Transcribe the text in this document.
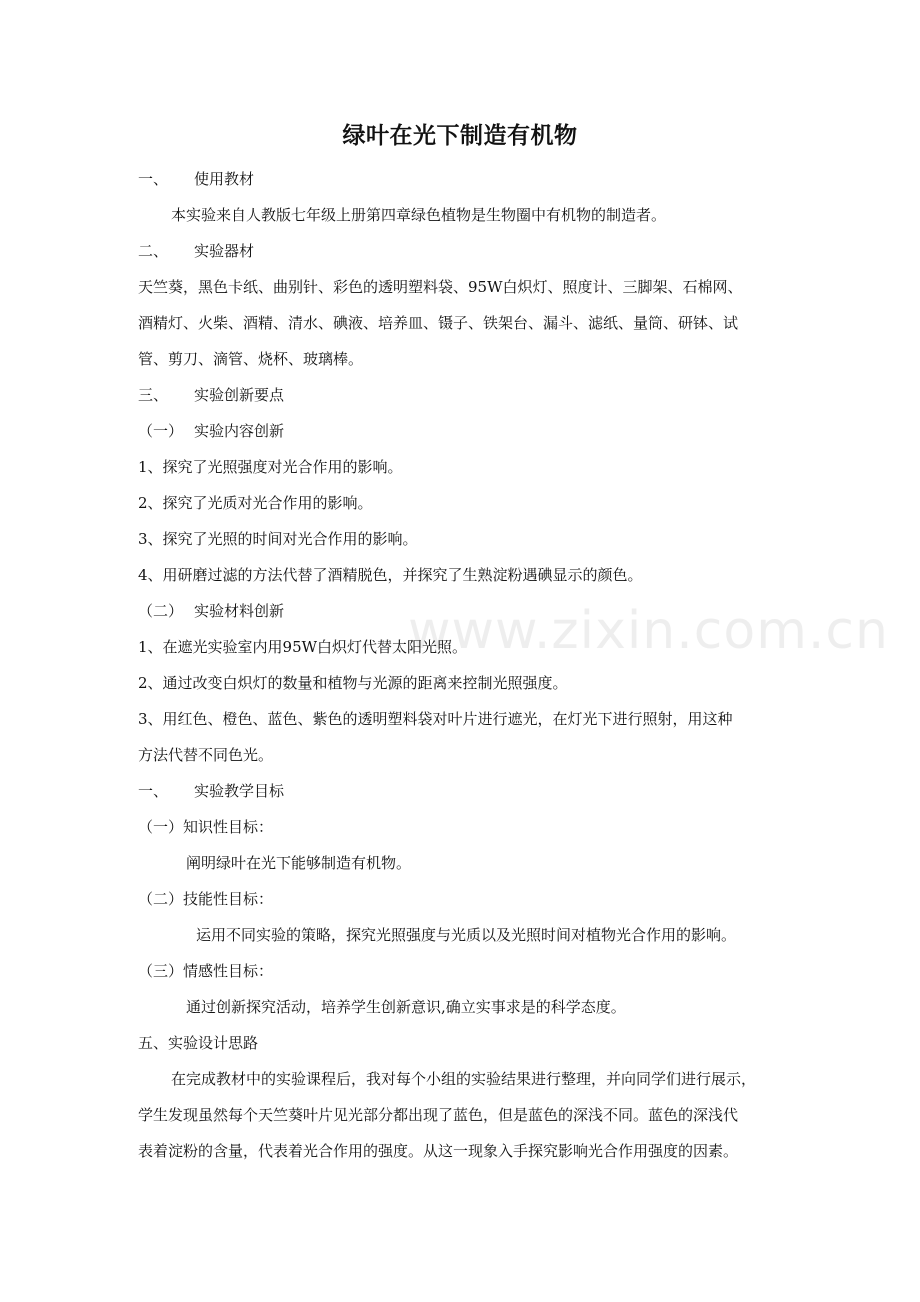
www.zixin.com.cn
绿叶在光下制造有机物
一、 使用教材
本实验来自人教版七年级上册第四章绿色植物是生物圈中有机物的制造者。
二、 实验器材
天竺葵，黑色卡纸、曲别针、彩色的透明塑料袋、95W白炽灯、照度计、三脚架、石棉网、
酒精灯、火柴、酒精、清水、碘液、培养皿、镊子、铁架台、漏斗、滤纸、量筒、研钵、试
管、剪刀、滴管、烧杯、玻璃棒。
三、 实验创新要点
（一） 实验内容创新
1、探究了光照强度对光合作用的影响。
2、探究了光质对光合作用的影响。
3、探究了光照的时间对光合作用的影响。
4、用研磨过滤的方法代替了酒精脱色，并探究了生熟淀粉遇碘显示的颜色。
（二） 实验材料创新
1、在遮光实验室内用95W白炽灯代替太阳光照。
2、通过改变白炽灯的数量和植物与光源的距离来控制光照强度。
3、用红色、橙色、蓝色、紫色的透明塑料袋对叶片进行遮光，在灯光下进行照射，用这种
方法代替不同色光。
一、 实验教学目标
（一）知识性目标：
阐明绿叶在光下能够制造有机物。
（二）技能性目标：
运用不同实验的策略，探究光照强度与光质以及光照时间对植物光合作用的影响。
（三）情感性目标：
通过创新探究活动，培养学生创新意识,确立实事求是的科学态度。
五、实验设计思路
在完成教材中的实验课程后，我对每个小组的实验结果进行整理，并向同学们进行展示，
学生发现虽然每个天竺葵叶片见光部分都出现了蓝色，但是蓝色的深浅不同。蓝色的深浅代
表着淀粉的含量，代表着光合作用的强度。从这一现象入手探究影响光合作用强度的因素。
